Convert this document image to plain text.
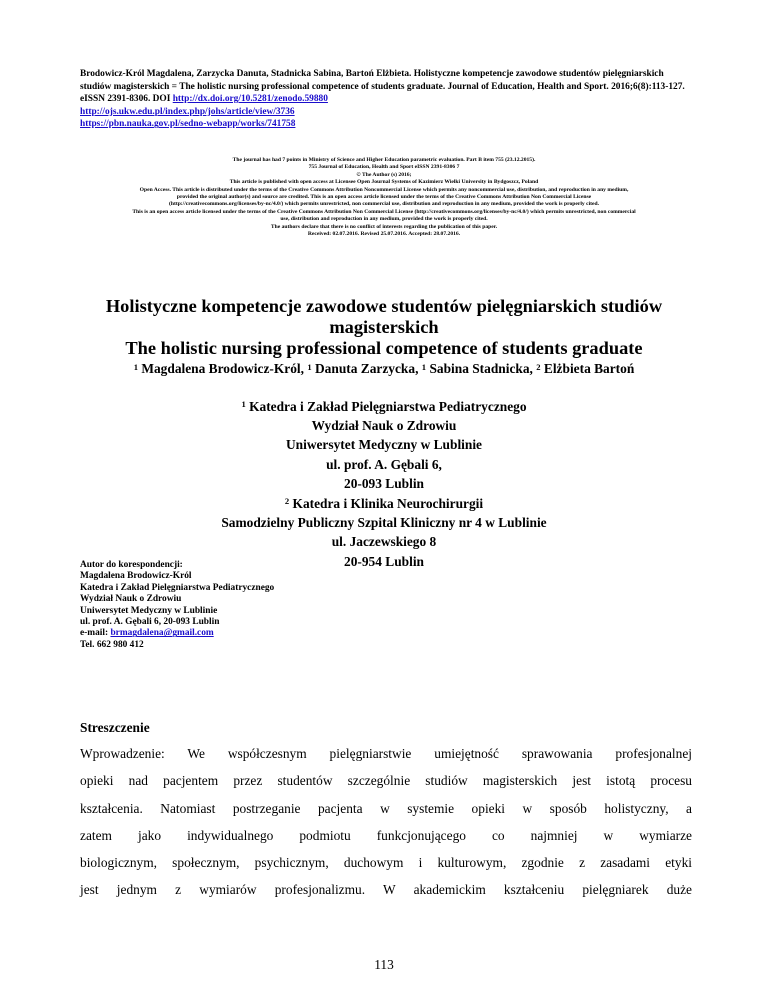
Brodowicz-Król Magdalena, Zarzycka Danuta, Stadnicka Sabina, Bartoń Elżbieta. Holistyczne kompetencje zawodowe studentów pielęgniarskich studiów magisterskich = The holistic nursing professional competence of students graduate. Journal of Education, Health and Sport. 2016;6(8):113-127. eISSN 2391-8306. DOI http://dx.doi.org/10.5281/zenodo.59880
http://ojs.ukw.edu.pl/index.php/johs/article/view/3736
https://pbn.nauka.gov.pl/sedno-webapp/works/741758
The journal has had 7 points in Ministry of Science and Higher Education parametric evaluation. Part B item 755 (23.12.2015).
755 Journal of Education, Health and Sport eISSN 2391-8306 7
© The Author (s) 2016;
This article is published with open access at Licensee Open Journal Systems of Kazimierz Wielki University in Bydgoszcz, Poland
Open Access. This article is distributed under the terms of the Creative Commons Attribution Noncommercial License which permits any noncommercial use, distribution, and reproduction in any medium,
provided the original author(s) and source are credited. This is an open access article licensed under the terms of the Creative Commons Attribution Non Commercial License
(http://creativecommons.org/licenses/by-nc/4.0/) which permits unrestricted, non commercial use, distribution and reproduction in any medium, provided the work is properly cited.
This is an open access article licensed under the terms of the Creative Commons Attribution Non Commercial License (http://creativecommons.org/licenses/by-nc/4.0/) which permits unrestricted, non commercial
use, distribution and reproduction in any medium, provided the work is properly cited.
The authors declare that there is no conflict of interests regarding the publication of this paper.
Received: 02.07.2016. Revised 25.07.2016. Accepted: 28.07.2016.
Holistyczne kompetencje zawodowe studentów pielęgniarskich studiów
magisterskich
The holistic nursing professional competence of students graduate
$^1$ Magdalena Brodowicz-Król, $^1$ Danuta Zarzycka, $^1$ Sabina Stadnicka, $^2$ Elżbieta Bartoń
$^1$ Katedra i Zakład Pielęgniarstwa Pediatrycznego
Wydział Nauk o Zdrowiu
Uniwersytet Medyczny w Lublinie
ul. prof. A. Gębali 6,
20-093 Lublin
$^2$ Katedra i Klinika Neurochirurgii
Samodzielny Publiczny Szpital Kliniczny nr 4 w Lublinie
ul. Jaczewskiego 8
20-954 Lublin
Autor do korespondencji:
Magdalena Brodowicz-Król
Katedra i Zakład Pielęgniarstwa Pediatrycznego
Wydział Nauk o Zdrowiu
Uniwersytet Medyczny w Lublinie
ul. prof. A. Gębali 6, 20-093 Lublin
e-mail: brmagdalena@gmail.com
Tel. 662 980 412
Streszczenie
Wprowadzenie: We współczesnym pielęgniarstwie umiejętność sprawowania profesjonalnej
opieki nad pacjentem przez studentów szczególnie studiów magisterskich jest istotą procesu
kształcenia. Natomiast postrzeganie pacjenta w systemie opieki w sposób holistyczny, a
zatem jako indywidualnego podmiotu funkcjonującego co najmniej w wymiarze
biologicznym, społecznym, psychicznym, duchowym i kulturowym, zgodnie z zasadami etyki
jest jednym z wymiarów profesjonalizmu. W akademickim kształceniu pielęgniarek duże
113
